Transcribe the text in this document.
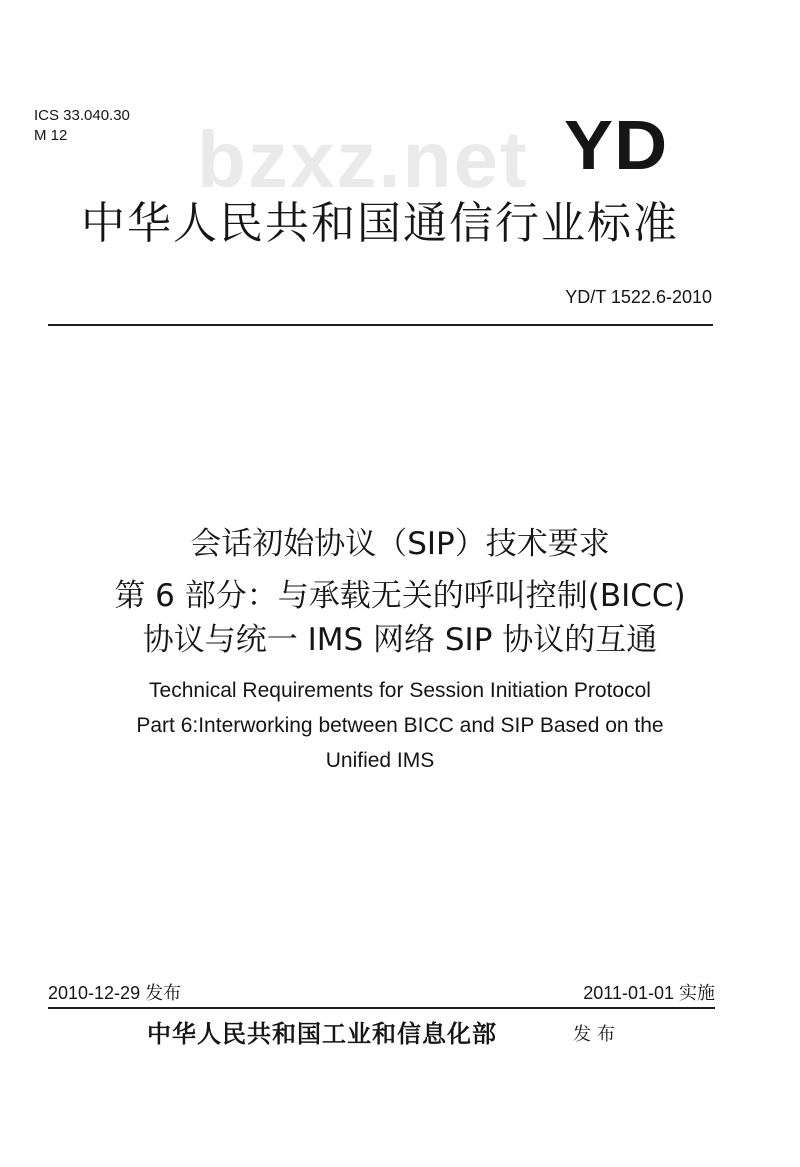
ICS 33.040.30
M 12 bzxz.net YD
中华人民共和国通信行业标准
YD/T 1522.6-2010
会话初始协议（SIP）技术要求
第 6 部分：与承载无关的呼叫控制(BICC)
协议与统一 IMS 网络 SIP 协议的互通
Technical Requirements for Session Initiation Protocol
Part 6:Interworking between BICC and SIP Based on the
Unified IMS
2010-12-29 发布	2011-01-01 实施
中华人民共和国工业和信息化部	发布
